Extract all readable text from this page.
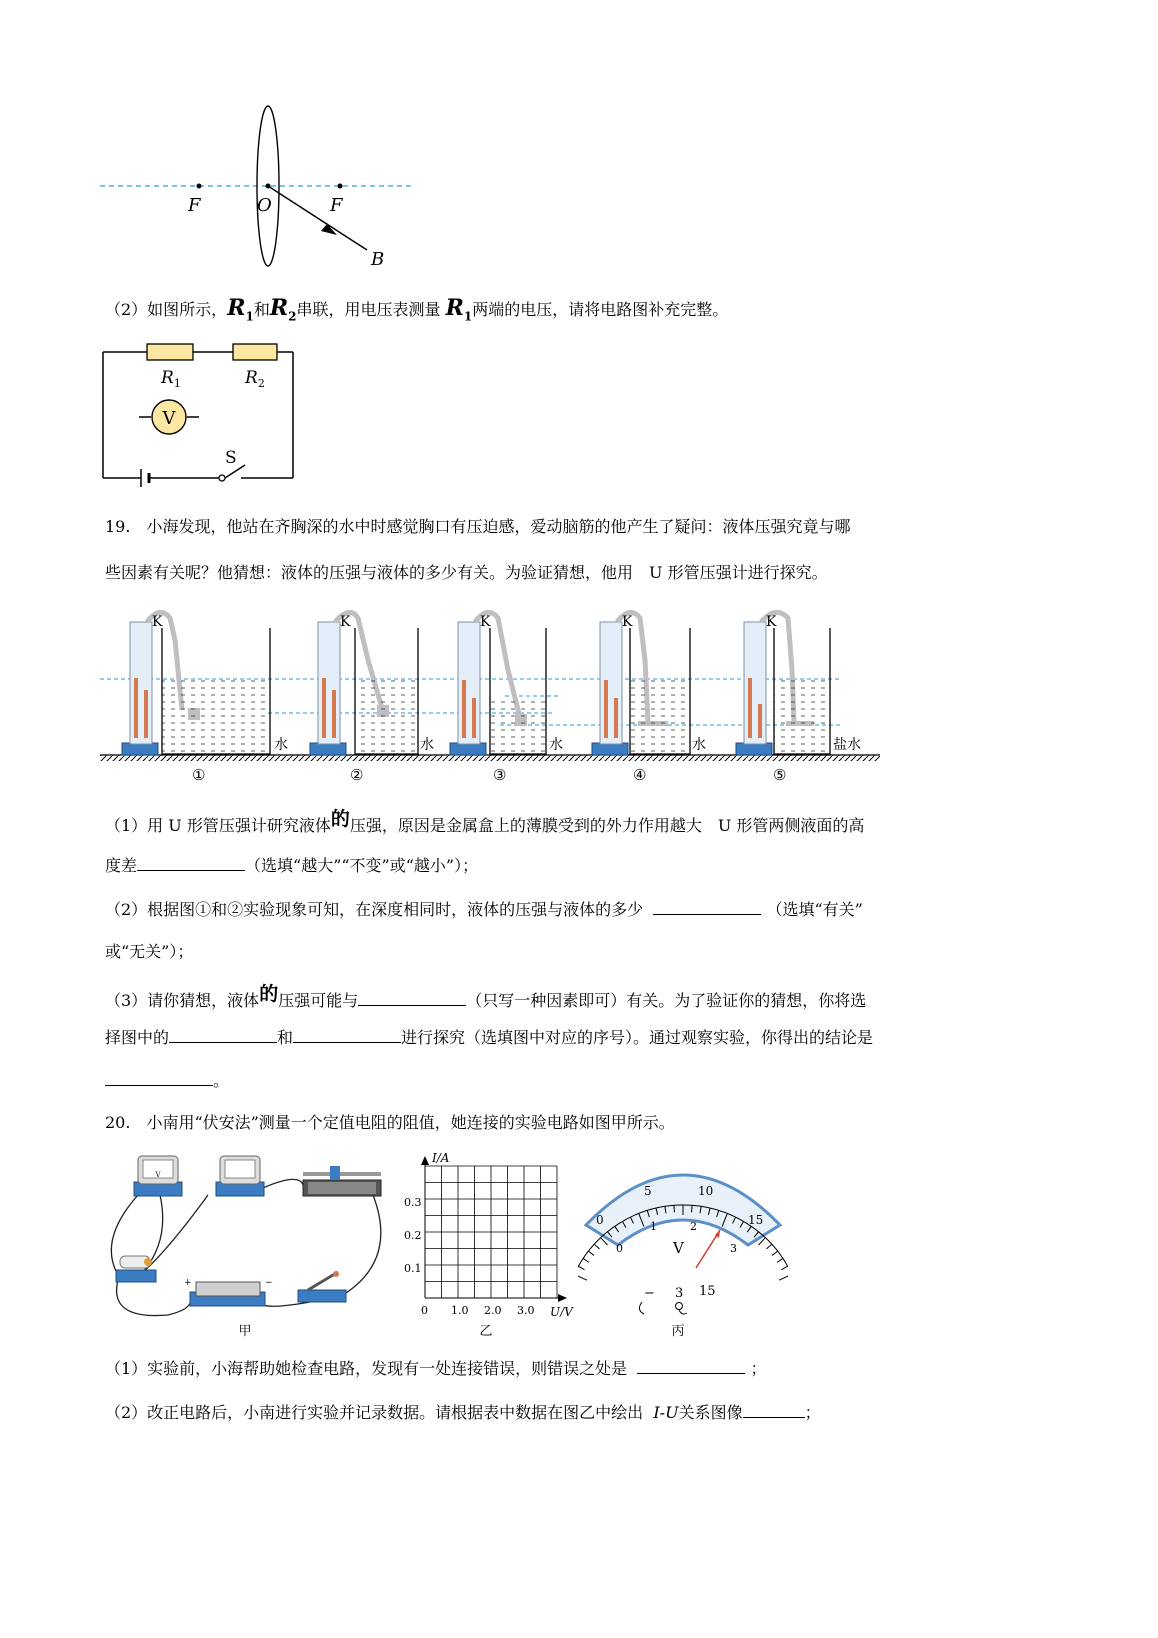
F	O	F
B
（2）如图所示，$R_1$和$R_2$串联，用电压表测量 $R_1$两端的电压，请将电路图补充完整。
V
$R_1$	$R_2$
S
19.　小海发现，他站在齐胸深的水中时感觉胸口有压迫感，爱动脑筋的他产生了疑问：液体压强究竟与哪
些因素有关呢？他猜想：液体的压强与液体的多少有关。为验证猜想，他用　U 形管压强计进行探究。
K
水
①
K
水
②
K
水
③
K
水
④
K
盐水
⑤
（1）用 U 形管压强计研究液体的压强，原因是金属盒上的薄膜受到的外力作用越大　U 形管两侧液面的高
度差	（选填“越大”“不变”或“越小”）；
（2）根据图①和②实验现象可知，在深度相同时，液体的压强与液体的多少	（选填“有关”
或“无关”）；
（3）请你猜想，液体的压强可能与	（只写一种因素即可）有关。为了验证你的猜想，你将选
择图中的	和	进行探究（选填图中对应的序号）。通过观察实验，你得出的结论是
。
20.　小南用“伏安法”测量一个定值电阻的阻值，她连接的实验电路如图甲所示。
V
+	−
甲
I/A
U/V
0.3
0.2
0.1
0 1.0 2.0 3.0
乙
0
5	10
15
0
1	2
3
V
− 3 15
丙
（1）实验前，小海帮助她检查电路，发现有一处连接错误，则错误之处是	；
（2）改正电路后，小南进行实验并记录数据。请根据表中数据在图乙中绘出 I-U关系图像	；
